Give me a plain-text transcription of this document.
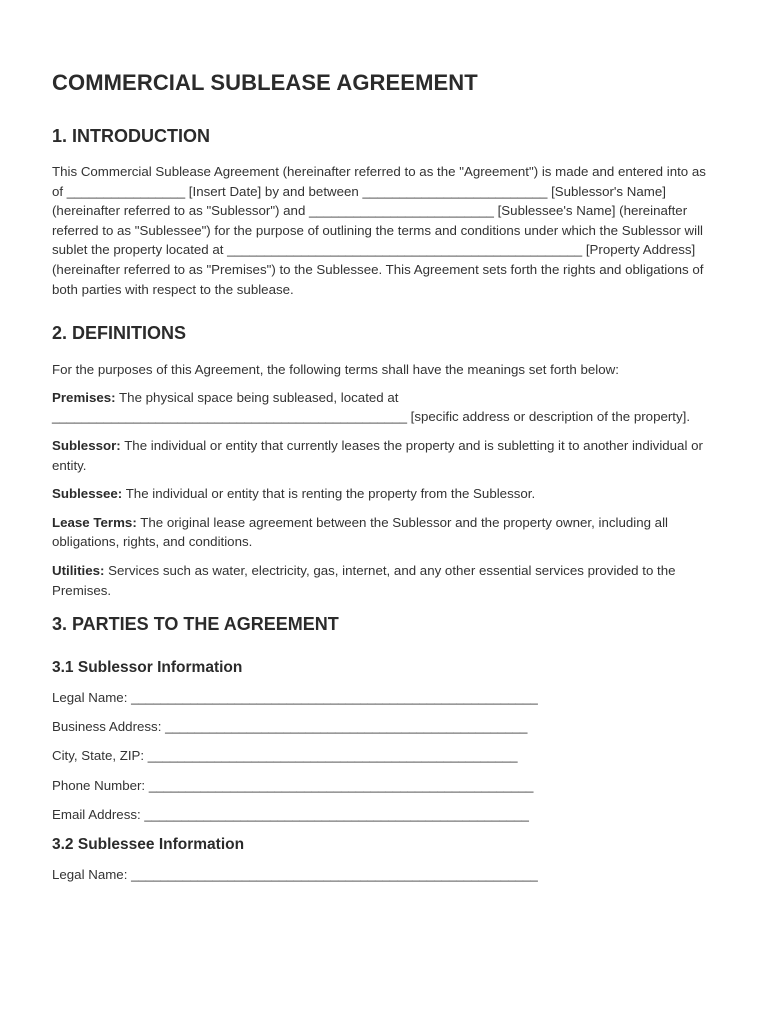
COMMERCIAL SUBLEASE AGREEMENT
1. INTRODUCTION

This Commercial Sublease Agreement (hereinafter referred to as the "Agreement") is made and entered into as of ________________ [Insert Date] by and between _________________________ [Sublessor's Name] (hereinafter referred to as "Sublessor") and _________________________ [Sublessee's Name] (hereinafter referred to as "Sublessee") for the purpose of outlining the terms and conditions under which the Sublessor will sublet the property located at ________________________________________________ [Property Address] (hereinafter referred to as "Premises") to the Sublessee. This Agreement sets forth the rights and obligations of both parties with respect to the sublease.

2. DEFINITIONS

For the purposes of this Agreement, the following terms shall have the meanings set forth below:

Premises: The physical space being subleased, located at ________________________________________________ [specific address or description of the property].

Sublessor: The individual or entity that currently leases the property and is subletting it to another individual or entity.

Sublessee: The individual or entity that is renting the property from the Sublessor.

Lease Terms: The original lease agreement between the Sublessor and the property owner, including all obligations, rights, and conditions.

Utilities: Services such as water, electricity, gas, internet, and any other essential services provided to the Premises.

3. PARTIES TO THE AGREEMENT
3.1 Sublessor Information

Legal Name: _______________________________________________________

Business Address: _________________________________________________

City, State, ZIP: __________________________________________________

Phone Number: ____________________________________________________

Email Address: ____________________________________________________

3.2 Sublessee Information

Legal Name: _______________________________________________________
